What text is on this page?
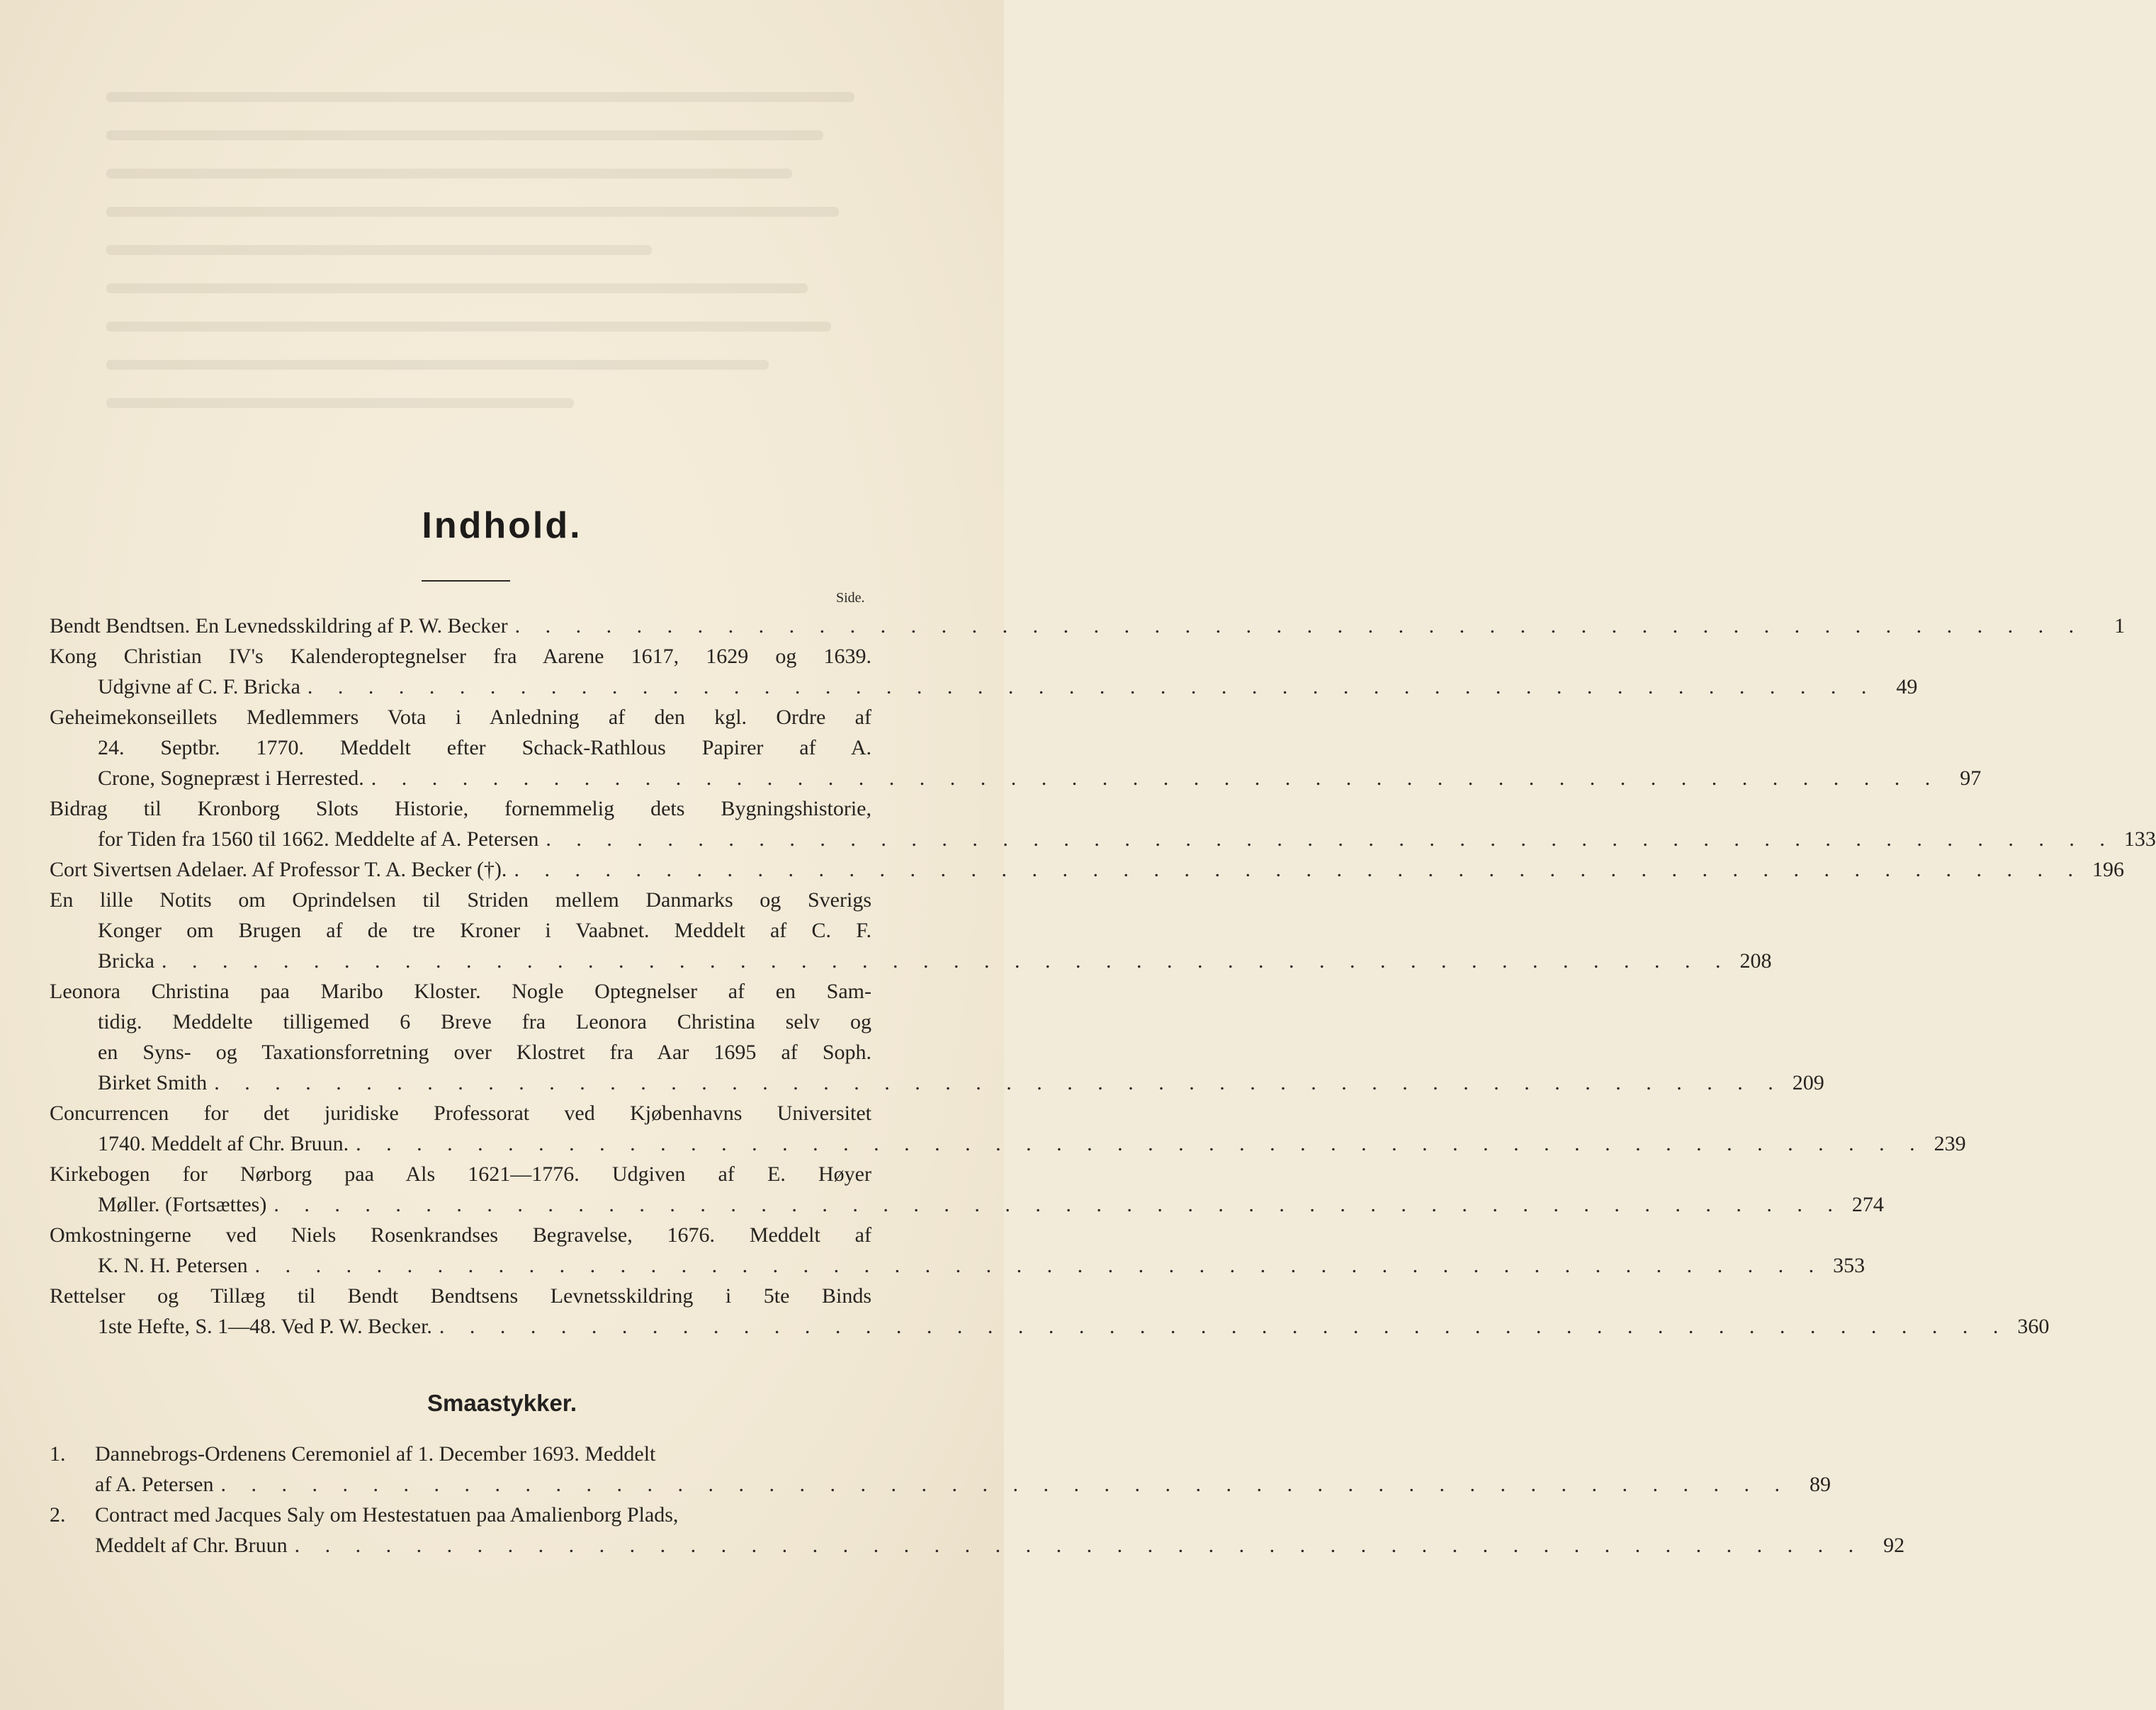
Indhold.
Side.
Bendt Bendtsen. En Levnedsskildring af P. W. Becker . . . . . . . . . . . . . . . . . . . . . . . . . . . . . . . . . . . . . . . . . . . . . . . . . . . .	1
Kong Christian IV's Kalenderoptegnelser fra Aarene 1617, 1629 og 1639.
Udgivne af C. F. Bricka . . . . . . . . . . . . . . . . . . . . . . . . . . . . . . . . . . . . . . . . . . . . . . . . . . . . 49
Geheimekonseillets Medlemmers Vota i Anledning af den kgl. Ordre af
24. Septbr. 1770. Meddelt efter Schack-Rathlous Papirer af A.
Crone, Sognepræst i Herrested. . . . . . . . . . . . . . . . . . . . . . . . . . . . . . . . . . . . . . . . . . . . . . . . . . . . . 97
Bidrag til Kronborg Slots Historie, fornemmelig dets Bygningshistorie,
for Tiden fra 1560 til 1662. Meddelte af A. Petersen . . . . . . . . . . . . . . . . . . . . . . . . . . . . . . . . . . . . . . . . . . . . . . . . . . . . 133
Cort Sivertsen Adelaer. Af Professor T. A. Becker (†). . . . . . . . . . . . . . . . . . . . . . . . . . . . . . . . . . . . . . . . . . . . . . . . . . . . . 196
En lille Notits om Oprindelsen til Striden mellem Danmarks og Sverigs
Konger om Brugen af de tre Kroner i Vaabnet. Meddelt af C. F.
Bricka . . . . . . . . . . . . . . . . . . . . . . . . . . . . . . . . . . . . . . . . . . . . . . . . . . . . 208
Leonora Christina paa Maribo Kloster. Nogle Optegnelser af en Sam-
tidig. Meddelte tilligemed 6 Breve fra Leonora Christina selv og
en Syns- og Taxationsforretning over Klostret fra Aar 1695 af Soph.
Birket Smith . . . . . . . . . . . . . . . . . . . . . . . . . . . . . . . . . . . . . . . . . . . . . . . . . . . . 209
Concurrencen for det juridiske Professorat ved Kjøbenhavns Universitet
1740. Meddelt af Chr. Bruun. . . . . . . . . . . . . . . . . . . . . . . . . . . . . . . . . . . . . . . . . . . . . . . . . . . . . 239
Kirkebogen for Nørborg paa Als 1621—1776. Udgiven af E. Høyer
Møller. (Fortsættes) . . . . . . . . . . . . . . . . . . . . . . . . . . . . . . . . . . . . . . . . . . . . . . . . . . . . 274
Omkostningerne ved Niels Rosenkrandses Begravelse, 1676. Meddelt af
K. N. H. Petersen . . . . . . . . . . . . . . . . . . . . . . . . . . . . . . . . . . . . . . . . . . . . . . . . . . . . 353
Rettelser og Tillæg til Bendt Bendtsens Levnetsskildring i 5te Binds
1ste Hefte, S. 1—48. Ved P. W. Becker. . . . . . . . . . . . . . . . . . . . . . . . . . . . . . . . . . . . . . . . . . . . . . . . . . . . . 360
Smaastykker.
1. Dannebrogs-Ordenens Ceremoniel af 1. December 1693. Meddelt
af A. Petersen . . . . . . . . . . . . . . . . . . . . . . . . . . . . . . . . . . . . . . . . . . . . . . . . . . . . 89
2. Contract med Jacques Saly om Hestestatuen paa Amalienborg Plads,
Meddelt af Chr. Bruun . . . . . . . . . . . . . . . . . . . . . . . . . . . . . . . . . . . . . . . . . . . . . . . . . . . . 92
